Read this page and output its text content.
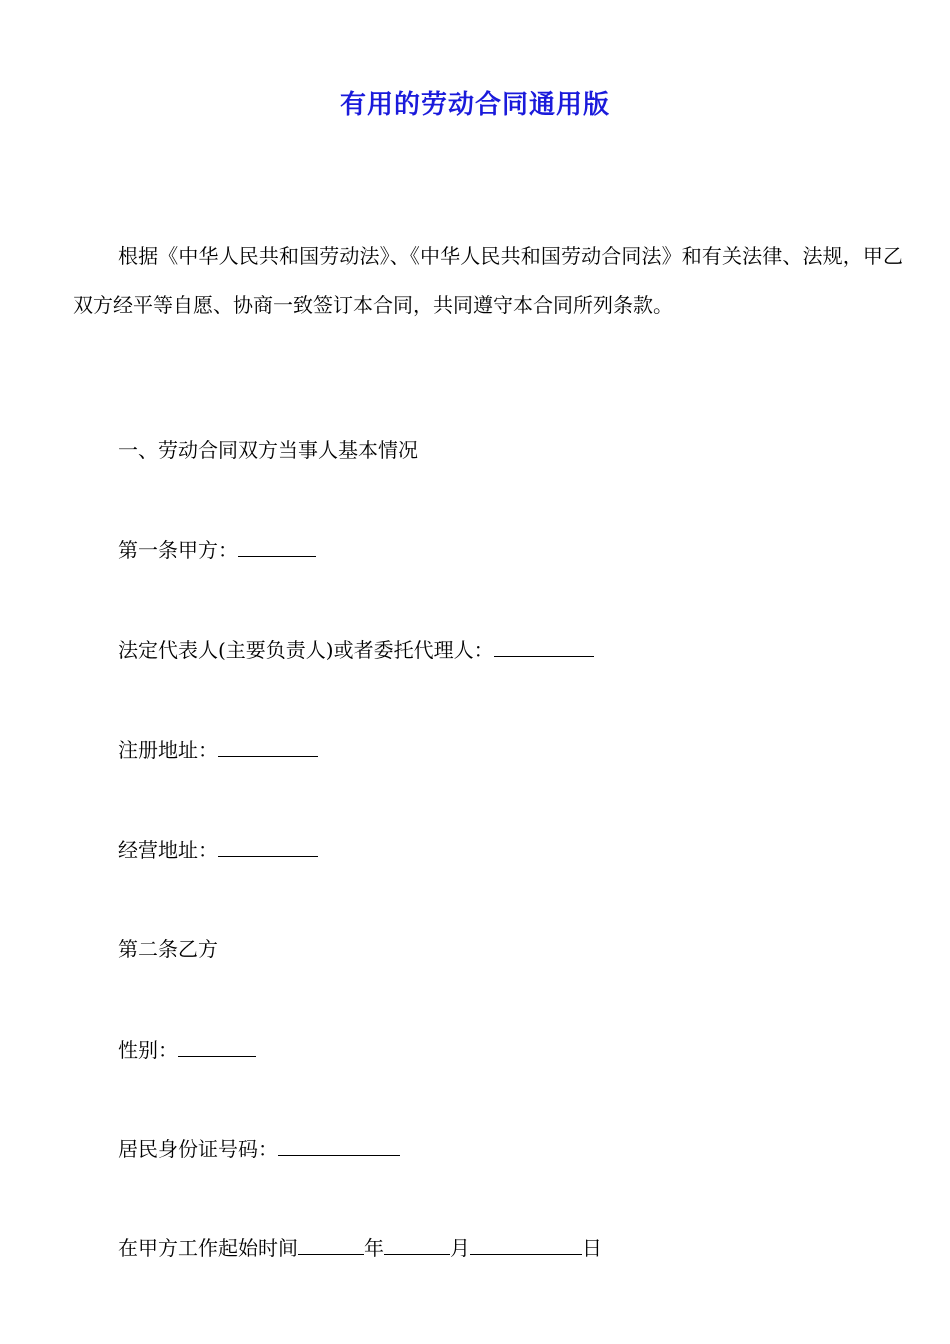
有用的劳动合同通用版

根据《中华人民共和国劳动法》、《中华人民共和国劳动合同法》和有关法律、法规，甲乙双方经平等自愿、协商一致签订本合同，共同遵守本合同所列条款。

一、劳动合同双方当事人基本情况

第一条甲方：

法定代表人(主要负责人)或者委托代理人：

注册地址：

经营地址：

第二条乙方

性别：

居民身份证号码：

在甲方工作起始时间	年	月	日
